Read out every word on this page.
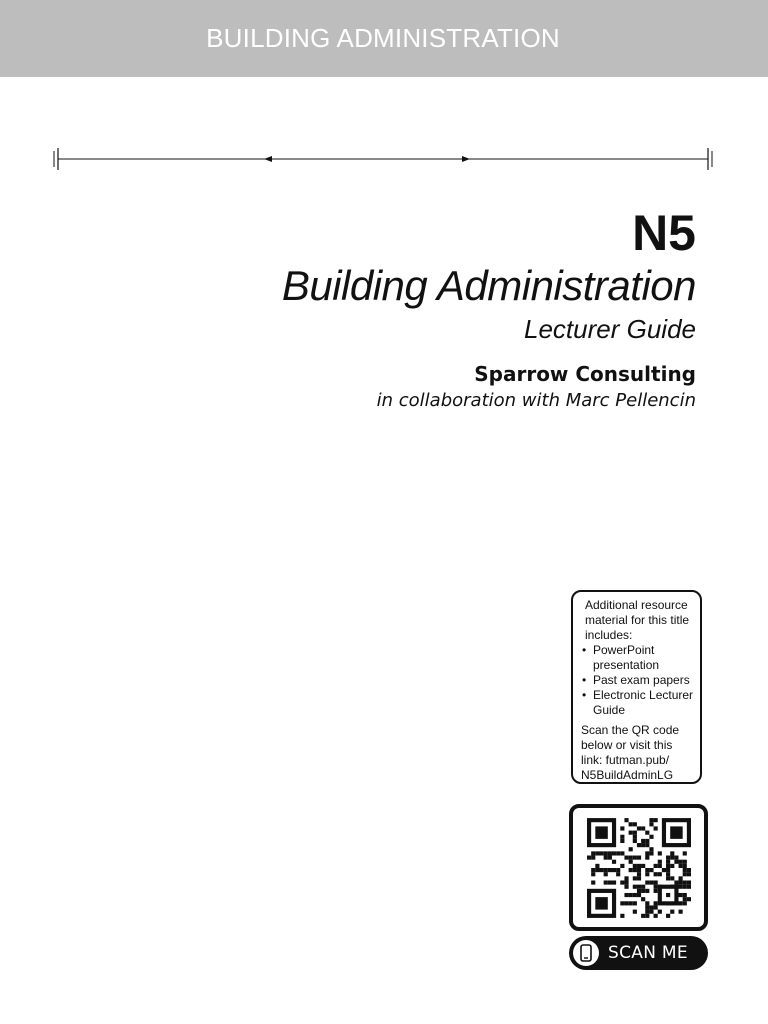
BUILDING ADMINISTRATION
N5
Building Administration
Lecturer Guide
Sparrow Consulting
in collaboration with Marc Pellencin
Additional resource material for this title includes:
• PowerPoint presentation
• Past exam papers
• Electronic Lecturer Guide
Scan the QR code below or visit this link: futman.pub/ N5BuildAdminLG
SCAN ME
